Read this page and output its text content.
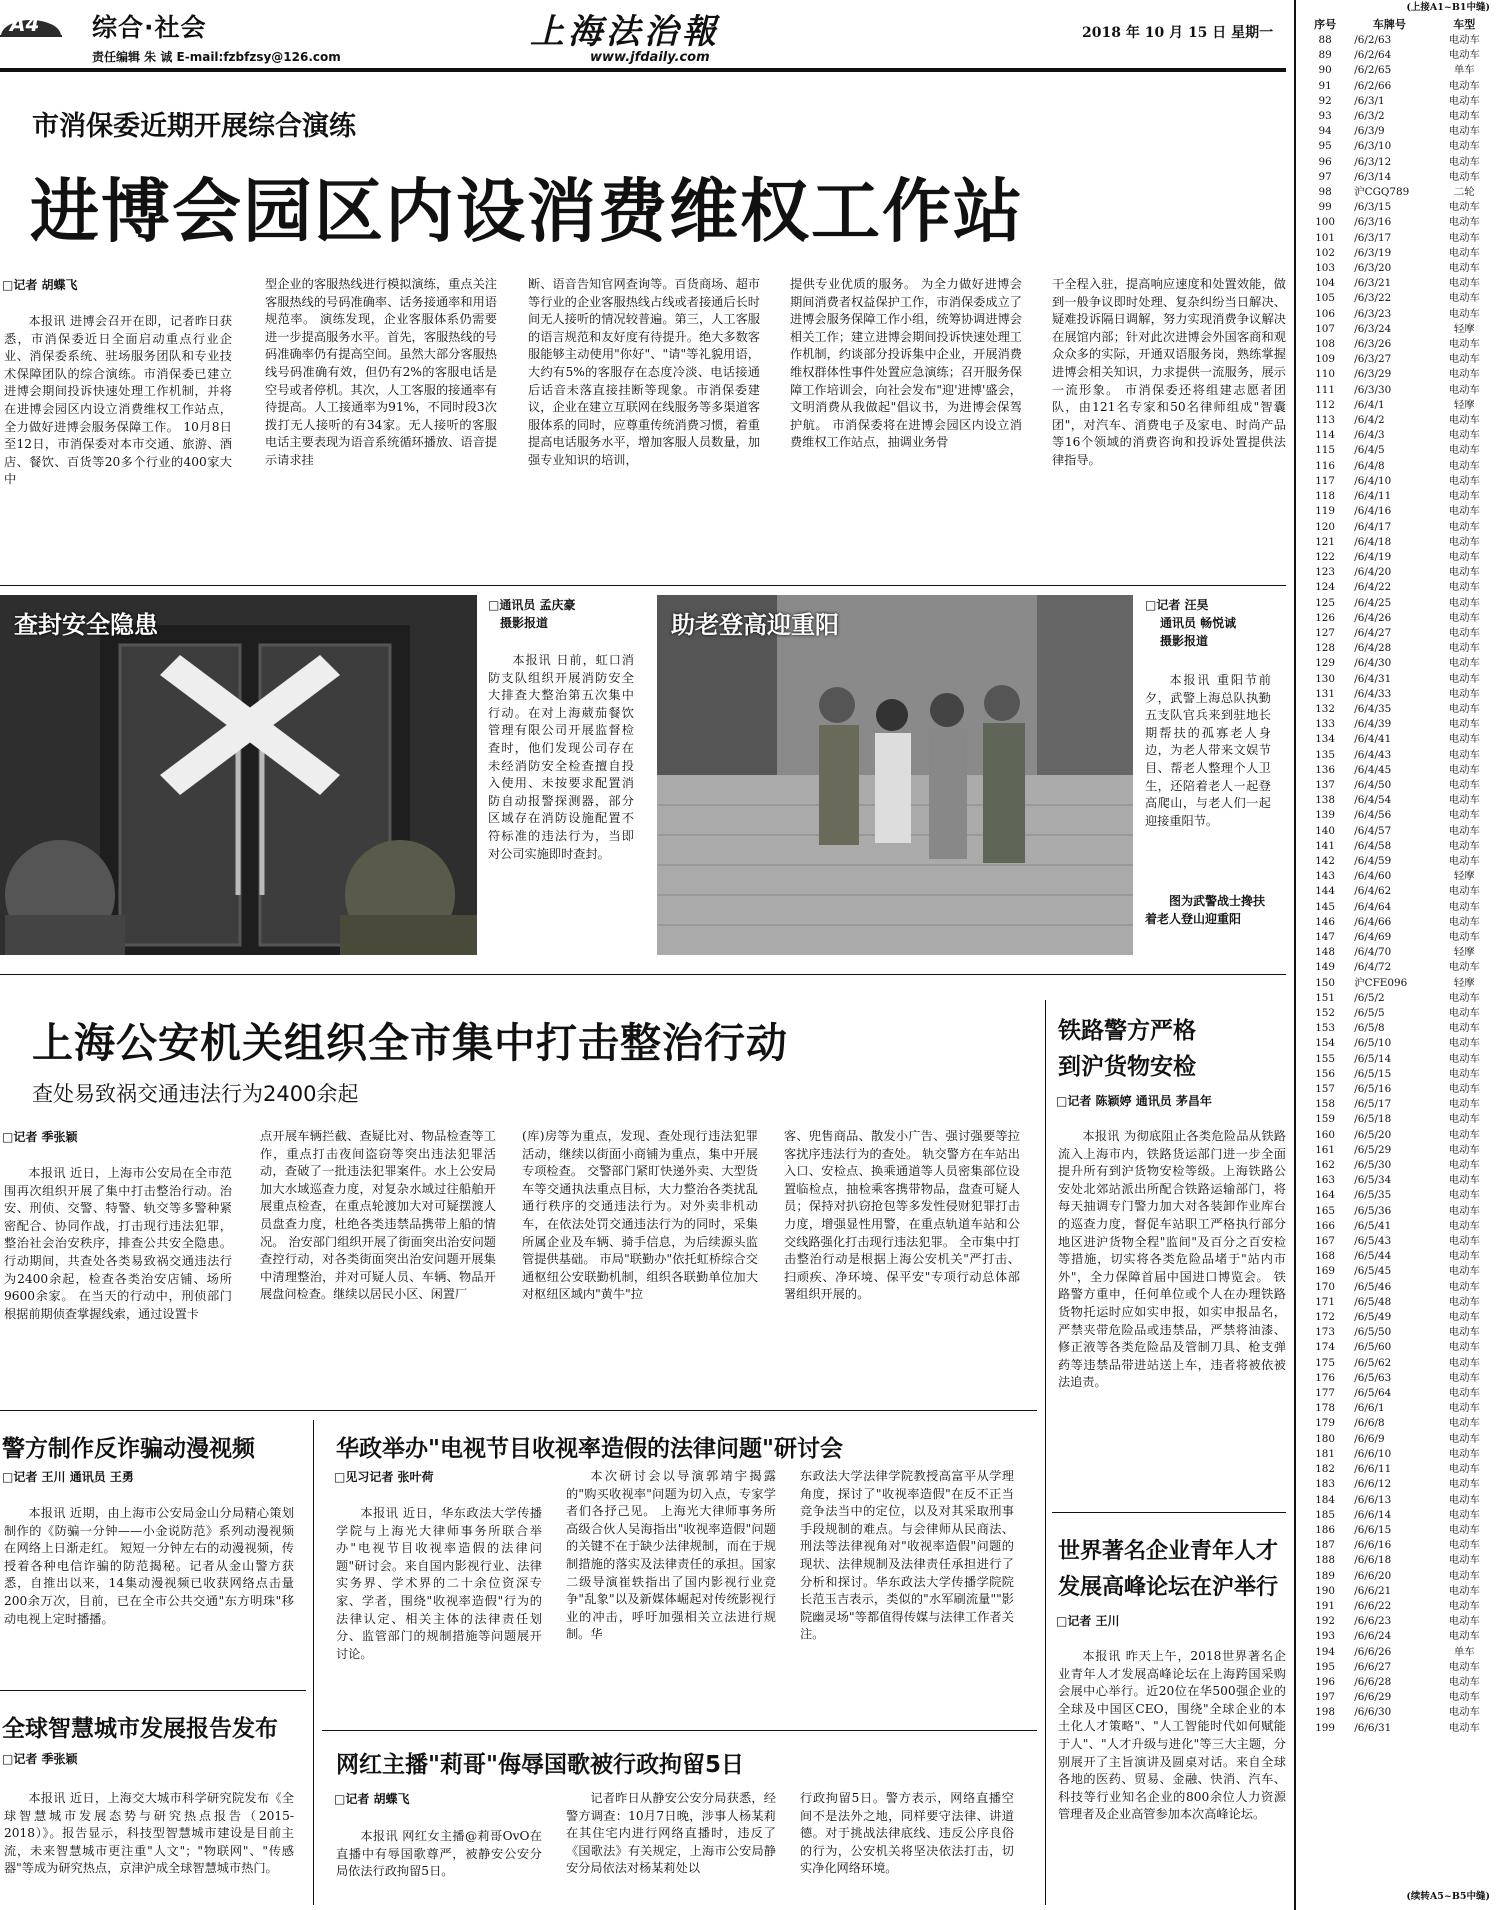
A4 综合·社会
责任编辑 朱 诚 E-mail:fzbfzsy@126.com
上海法治報
www.jfdaily.com
2018 年 10 月 15 日 星期一
(上接A1~B1中缝)
序号	车牌号	车型
88	/6/2/63	电动车
89	/6/2/64	电动车
90	/6/2/65	单车
91	/6/2/66	电动车
92	/6/3/1	电动车
93	/6/3/2	电动车
94	/6/3/9	电动车
95	/6/3/10	电动车
96	/6/3/12	电动车
97	/6/3/14	电动车
98	沪CGQ789	二轮
99	/6/3/15	电动车
100	/6/3/16	电动车
101	/6/3/17	电动车
102	/6/3/19	电动车
103	/6/3/20	电动车
104	/6/3/21	电动车
105	/6/3/22	电动车
106	/6/3/23	电动车
107	/6/3/24	轻摩
108	/6/3/26	电动车
109	/6/3/27	电动车
110	/6/3/29	电动车
111	/6/3/30	电动车
112	/6/4/1	轻摩
113	/6/4/2	电动车
114	/6/4/3	电动车
115	/6/4/5	电动车
116	/6/4/8	电动车
117	/6/4/10	电动车
118	/6/4/11	电动车
119	/6/4/16	电动车
120	/6/4/17	电动车
121	/6/4/18	电动车
122	/6/4/19	电动车
123	/6/4/20	电动车
124	/6/4/22	电动车
125	/6/4/25	电动车
126	/6/4/26	电动车
127	/6/4/27	电动车
128	/6/4/28	电动车
129	/6/4/30	电动车
130	/6/4/31	电动车
131	/6/4/33	电动车
132	/6/4/35	电动车
133	/6/4/39	电动车
134	/6/4/41	电动车
135	/6/4/43	电动车
136	/6/4/45	电动车
137	/6/4/50	电动车
138	/6/4/54	电动车
139	/6/4/56	电动车
140	/6/4/57	电动车
141	/6/4/58	电动车
142	/6/4/59	电动车
143	/6/4/60	轻摩
144	/6/4/62	电动车
145	/6/4/64	电动车
146	/6/4/66	电动车
147	/6/4/69	电动车
148	/6/4/70	轻摩
149	/6/4/72	电动车
150	沪CFE096	轻摩
151	/6/5/2	电动车
152	/6/5/5	电动车
153	/6/5/8	电动车
154	/6/5/10	电动车
155	/6/5/14	电动车
156	/6/5/15	电动车
157	/6/5/16	电动车
158	/6/5/17	电动车
159	/6/5/18	电动车
160	/6/5/20	电动车
161	/6/5/29	电动车
162	/6/5/30	电动车
163	/6/5/34	电动车
164	/6/5/35	电动车
165	/6/5/36	电动车
166	/6/5/41	电动车
167	/6/5/43	电动车
168	/6/5/44	电动车
169	/6/5/45	电动车
170	/6/5/46	电动车
171	/6/5/48	电动车
172	/6/5/49	电动车
173	/6/5/50	电动车
174	/6/5/60	电动车
175	/6/5/62	电动车
176	/6/5/63	电动车
177	/6/5/64	电动车
178	/6/6/1	电动车
179	/6/6/8	电动车
180	/6/6/9	电动车
181	/6/6/10	电动车
182	/6/6/11	电动车
183	/6/6/12	电动车
184	/6/6/13	电动车
185	/6/6/14	电动车
186	/6/6/15	电动车
187	/6/6/16	电动车
188	/6/6/18	电动车
189	/6/6/20	电动车
190	/6/6/21	电动车
191	/6/6/22	电动车
192	/6/6/23	电动车
193	/6/6/24	电动车
194	/6/6/26	单车
195	/6/6/27	电动车
196	/6/6/28	电动车
197	/6/6/29	电动车
198	/6/6/30	电动车
199	/6/6/31	电动车
(续转A5~B5中缝)
市消保委近期开展综合演练
进博会园区内设消费维权工作站
□记者 胡蝶飞
本报讯 进博会召开在即，记者昨日获悉，市消保委近日全面启动重点行业企业、消保委系统、驻场服务团队和专业技术保障团队的综合演练。市消保委已建立进博会期间投诉快速处理工作机制，并将在进博会园区内设立消费维权工作站点，全力做好进博会服务保障工作。 10月8日至12日，市消保委对本市交通、旅游、酒店、餐饮、百货等20多个行业的400家大中
型企业的客服热线进行模拟演练，重点关注客服热线的号码准确率、话务接通率和用语规范率。 演练发现，企业客服体系仍需要进一步提高服务水平。首先，客服热线的号码准确率仍有提高空间。虽然大部分客服热线号码准确有效，但仍有2%的客服电话是空号或者停机。其次，人工客服的接通率有待提高。人工接通率为91%，不同时段3次拨打无人接听的有34家。无人接听的客服电话主要表现为语音系统循环播放、语音提示请求挂
断、语音告知官网查询等。百货商场、超市等行业的企业客服热线占线或者接通后长时间无人接听的情况较普遍。第三，人工客服的语言规范和友好度有待提升。绝大多数客服能够主动使用"你好"、"请"等礼貌用语，大约有5%的客服存在态度冷淡、电话接通后话音未落直接挂断等现象。市消保委建议，企业在建立互联网在线服务等多渠道客服体系的同时，应尊重传统消费习惯，着重提高电话服务水平，增加客服人员数量，加强专业知识的培训，
提供专业优质的服务。 为全力做好进博会期间消费者权益保护工作，市消保委成立了进博会服务保障工作小组，统筹协调进博会相关工作；建立进博会期间投诉快速处理工作机制，约谈部分投诉集中企业，开展消费维权群体性事件处置应急演练；召开服务保障工作培训会，向社会发布"迎'进博'盛会，文明消费从我做起"倡议书，为进博会保驾护航。 市消保委将在进博会园区内设立消费维权工作站点，抽调业务骨
干全程入驻，提高响应速度和处置效能，做到一般争议即时处理、复杂纠纷当日解决、疑难投诉隔日调解，努力实现消费争议解决在展馆内部；针对此次进博会外国客商和观众众多的实际，开通双语服务岗，熟练掌握进博会相关知识，力求提供一流服务，展示一流形象。 市消保委还将组建志愿者团队，由121名专家和50名律师组成"智囊团"，对汽车、消费电子及家电、时尚产品等16个领域的消费咨询和投诉处置提供法律指导。
查封安全隐患
□通讯员 孟庆豪
摄影报道
本报讯 日前，虹口消防支队组织开展消防安全大排查大整治第五次集中行动。在对上海葳茄餐饮管理有限公司开展监督检查时，他们发现公司存在未经消防安全检查擅自投入使用、未按要求配置消防自动报警探测器，部分区域存在消防设施配置不符标准的违法行为，当即对公司实施即时查封。
助老登高迎重阳
□记者 汪昊
通讯员 畅悦诚
摄影报道
本报讯 重阳节前夕，武警上海总队执勤五支队官兵来到驻地长期帮扶的孤寡老人身边，为老人带来文娱节目、帮老人整理个人卫生，还陪着老人一起登高爬山，与老人们一起迎接重阳节。
图为武警战士搀扶着老人登山迎重阳
上海公安机关组织全市集中打击整治行动
查处易致祸交通违法行为2400余起
□记者 季张颖
本报讯 近日，上海市公安局在全市范围再次组织开展了集中打击整治行动。治安、刑侦、交警、特警、轨交等多警种紧密配合、协同作战，打击现行违法犯罪，整治社会治安秩序，排查公共安全隐患。行动期间，共查处各类易致祸交通违法行为2400余起，检查各类治安店铺、场所9600余家。 在当天的行动中，刑侦部门根据前期侦查掌握线索，通过设置卡
点开展车辆拦截、查疑比对、物品检查等工作，重点打击夜间盗窃等突出违法犯罪活动，查破了一批违法犯罪案件。水上公安局加大水域巡查力度，对复杂水域过往船舶开展重点检查，在重点轮渡加大对可疑摆渡人员盘查力度，杜绝各类违禁品携带上船的情况。 治安部门组织开展了街面突出治安问题查控行动，对各类街面突出治安问题开展集中清理整治，并对可疑人员、车辆、物品开展盘问检查。继续以居民小区、闲置厂
(库)房等为重点，发现、查处现行违法犯罪活动，继续以街面小商铺为重点，集中开展专项检查。 交警部门紧盯快递外卖、大型货车等交通执法重点目标，大力整治各类扰乱通行秩序的交通违法行为。对外卖非机动车，在依法处罚交通违法行为的同时，采集所属企业及车辆、骑手信息，为后续源头监管提供基础。 市局"联勤办"依托虹桥综合交通枢纽公安联勤机制，组织各联勤单位加大对枢纽区域内"黄牛"拉
客、兜售商品、散发小广告、强讨强要等拉客扰序违法行为的查处。 轨交警方在车站出入口、安检点、换乘通道等人员密集部位设置临检点，抽检乘客携带物品，盘查可疑人员；保持对扒窃抢包等多发性侵财犯罪打击力度，增强显性用警，在重点轨道车站和公交线路强化打击现行违法犯罪。 全市集中打击整治行动是根据上海公安机关"严打击、扫顽疾、净环境、保平安"专项行动总体部署组织开展的。
铁路警方严格
到沪货物安检
□记者 陈颖婷 通讯员 茅昌年
本报讯 为彻底阻止各类危险品从铁路流入上海市内，铁路货运部门进一步全面提升所有到沪货物安检等级。上海铁路公安处北郊站派出所配合铁路运输部门，将每天抽调专门警力加大对各装卸作业库台的巡查力度，督促车站职工严格执行部分地区进沪货物全程"监间"及百分之百安检等措施，切实将各类危险品堵于"站内市外"，全力保障首届中国进口博览会。 铁路警方重申，任何单位或个人在办理铁路货物托运时应如实申报，如实申报品名，严禁夹带危险品或违禁品，严禁将油漆、修正液等各类危险品及管制刀具、枪支弹药等违禁品带进站送上车，违者将被依被法追责。
警方制作反诈骗动漫视频
□记者 王川 通讯员 王勇
本报讯 近期，由上海市公安局金山分局精心策划制作的《防骗一分钟——小金说防范》系列动漫视频在网络上日渐走红。 短短一分钟左右的动漫视频，传授着各种电信诈骗的防范揭秘。记者从金山警方获悉，自推出以来，14集动漫视频已收获网络点击量200余万次，目前，已在全市公共交通"东方明珠"移动电视上定时播播。
华政举办"电视节目收视率造假的法律问题"研讨会
□见习记者 张叶荷
本报讯 近日，华东政法大学传播学院与上海光大律师事务所联合举办"电视节目收视率造假的法律问题"研讨会。来自国内影视行业、法律实务界、学术界的二十余位资深专家、学者，围绕"收视率造假"行为的法律认定、相关主体的法律责任划分、监管部门的规制措施等问题展开讨论。
本次研讨会以导演郭靖宇揭露的"购买收视率"问题为切入点，专家学者们各抒己见。 上海光大律师事务所高级合伙人吴海指出"收视率造假"问题的关键不在于缺少法律规制，而在于规制措施的落实及法律责任的承担。国家二级导演崔轶指出了国内影视行业竞争"乱象"以及新媒体崛起对传统影视行业的冲击，呼吁加强相关立法进行规制。华
东政法大学法律学院教授高富平从学理角度，探讨了"收视率造假"在反不正当竞争法当中的定位，以及对其采取刑事手段规制的难点。与会律师从民商法、刑法等法律视角对"收视率造假"问题的现状、法律规制及法律责任承担进行了分析和探讨。华东政法大学传播学院院长范玉吉表示，类似的"水军刷流量""影院幽灵场"等都值得传媒与法律工作者关注。
全球智慧城市发展报告发布
□记者 季张颖
本报讯 近日，上海交大城市科学研究院发布《全球智慧城市发展态势与研究热点报告（2015-2018）》。报告显示，科技型智慧城市建设是目前主流，未来智慧城市更注重"人文"；"物联网"、"传感器"等成为研究热点，京津沪成全球智慧城市热门。
网红主播"莉哥"侮辱国歌被行政拘留5日
□记者 胡蝶飞
本报讯 网红女主播@莉哥OvO在直播中有辱国歌尊严，被静安公安分局依法行政拘留5日。
记者昨日从静安公安分局获悉，经警方调查：10月7日晚，涉事人杨某莉在其住宅内进行网络直播时，违反了《国歌法》有关规定，上海市公安局静安分局依法对杨某莉处以
行政拘留5日。警方表示，网络直播空间不是法外之地，同样要守法律、讲道德。对于挑战法律底线、违反公序良俗的行为，公安机关将坚决依法打击，切实净化网络环境。
世界著名企业青年人才
发展高峰论坛在沪举行
□记者 王川
本报讯 昨天上午，2018世界著名企业青年人才发展高峰论坛在上海跨国采购会展中心举行。近20位在华500强企业的全球及中国区CEO，围绕"全球企业的本土化人才策略"、"人工智能时代如何赋能于人"、"人才升级与进化"等三大主题，分别展开了主旨演讲及圆桌对话。来自全球各地的医药、贸易、金融、快消、汽车、科技等行业知名企业的800余位人力资源管理者及企业高管参加本次高峰论坛。
